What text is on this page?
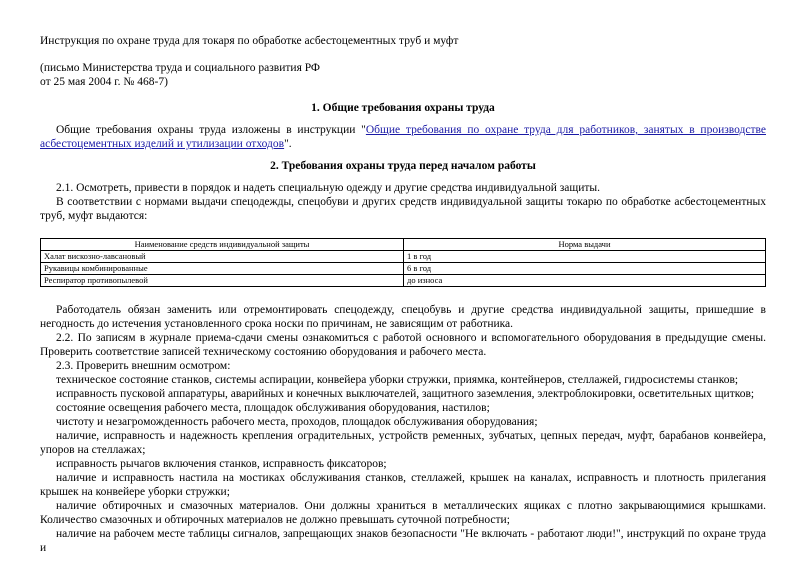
Инструкция по охране труда для токаря по обработке асбестоцементных труб и муфт

(письмо Министерства труда и социального развития РФ

от 25 мая 2004 г. № 468-7)

1. Общие требования охраны труда

Общие требования охраны труда изложены в инструкции "Общие требования по охране труда для работников, занятых в производстве асбестоцементных изделий и утилизации отходов".

2. Требования охраны труда перед началом работы

2.1. Осмотреть, привести в порядок и надеть специальную одежду и другие средства индивидуальной защиты.

В соответствии с нормами выдачи спецодежды, спецобуви и других средств индивидуальной защиты токарю по обработке асбестоцементных труб, муфт выдаются:

Наименование средств индивидуальной защиты	Норма выдачи
Халат вискозно-лавсановый	1 в год
Рукавицы комбинированные	6 в год
Респиратор противопылевой	до износа

Работодатель обязан заменить или отремонтировать спецодежду, спецобувь и другие средства индивидуальной защиты, пришедшие в негодность до истечения установленного срока носки по причинам, не зависящим от работника.

2.2. По записям в журнале приема-сдачи смены ознакомиться с работой основного и вспомогательного оборудования в предыдущие смены. Проверить соответствие записей техническому состоянию оборудования и рабочего места.

2.3. Проверить внешним осмотром:

техническое состояние станков, системы аспирации, конвейера уборки стружки, приямка, контейнеров, стеллажей, гидросистемы станков;

исправность пусковой аппаратуры, аварийных и конечных выключателей, защитного заземления, электроблокировки, осветительных щитков;

состояние освещения рабочего места, площадок обслуживания оборудования, настилов;

чистоту и незагроможденность рабочего места, проходов, площадок обслуживания оборудования;

наличие, исправность и надежность крепления оградительных, устройств ременных, зубчатых, цепных передач, муфт, барабанов конвейера, упоров на стеллажах;

исправность рычагов включения станков, исправность фиксаторов;

наличие и исправность настила на мостиках обслуживания станков, стеллажей, крышек на каналах, исправность и плотность прилегания крышек на конвейере уборки стружки;

наличие обтирочных и смазочных материалов. Они должны храниться в металлических ящиках с плотно закрывающимися крышками. Количество смазочных и обтирочных материалов не должно превышать суточной потребности;

наличие на рабочем месте таблицы сигналов, запрещающих знаков безопасности "Не включать - работают люди!", инструкций по охране труда и
